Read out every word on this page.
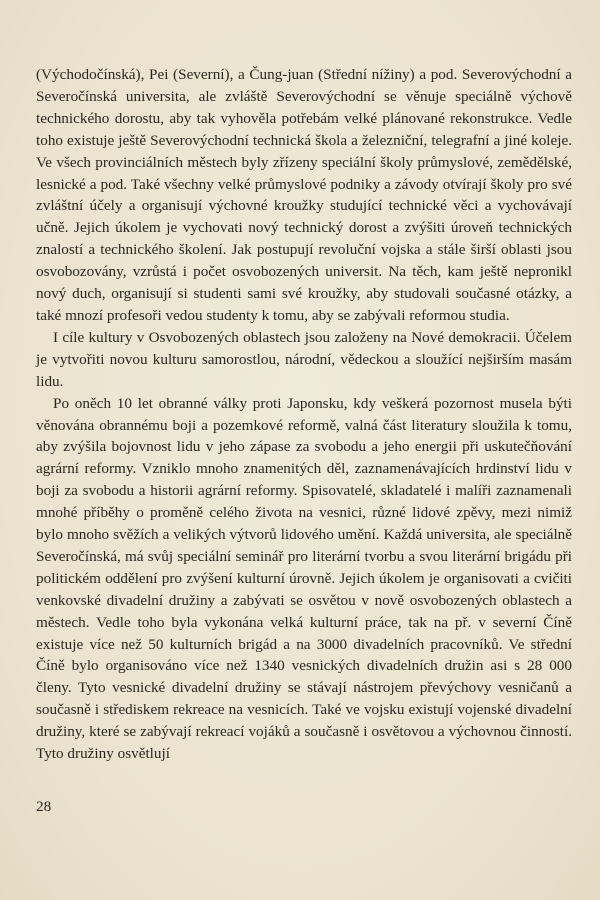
(Východočínská), Pei (Severní), a Čung-juan (Střední nížiny) a pod. Severovýchodní a Severočínská universita, ale zvláště Severovýchodní se věnuje speciálně výchově technického dorostu, aby tak vyhověla potřebám velké plánované rekonstrukce. Vedle toho existuje ještě Severovýchodní technická škola a železniční, telegrafní a jiné koleje. Ve všech provinciálních městech byly zřízeny speciální školy průmyslové, zemědělské, lesnické a pod. Také všechny velké průmyslové podniky a závody otvírají školy pro své zvláštní účely a organisují výchovné kroužky studující technické věci a vychovávají učně. Jejich úkolem je vychovati nový technický dorost a zvýšiti úroveň technických znalostí a technického školení. Jak postupují revoluční vojska a stále širší oblasti jsou osvobozovány, vzrůstá i počet osvobozených universit. Na těch, kam ještě nepronikl nový duch, organisují si studenti sami své kroužky, aby studovali současné otázky, a také mnozí profesoři vedou studenty k tomu, aby se zabývali reformou studia.

I cíle kultury v Osvobozených oblastech jsou založeny na Nové demokracii. Účelem je vytvořiti novou kulturu samorostlou, národní, vědeckou a sloužící nejširším masám lidu.

Po oněch 10 let obranné války proti Japonsku, kdy veškerá pozornost musela býti věnována obrannému boji a pozemkové reformě, valná část literatury sloužila k tomu, aby zvýšila bojovnost lidu v jeho zápase za svobodu a jeho energii při uskutečňování agrární reformy. Vzniklo mnoho znamenitých děl, zaznamenávajících hrdinství lidu v boji za svobodu a historii agrární reformy. Spisovatelé, skladatelé i malíři zaznamenali mnohé příběhy o proměně celého života na vesnici, různé lidové zpěvy, mezi nimiž bylo mnoho svěžích a velikých výtvorů lidového umění. Každá universita, ale speciálně Severočínská, má svůj speciální seminář pro literární tvorbu a svou literární brigádu při politickém oddělení pro zvýšení kulturní úrovně. Jejich úkolem je organisovati a cvičiti venkovské divadelní družiny a zabývati se osvětou v nově osvobozených oblastech a městech. Vedle toho byla vykonána velká kulturní práce, tak na př. v severní Číně existuje více než 50 kulturních brigád a na 3000 divadelních pracovníků. Ve střední Číně bylo organisováno více než 1340 vesnických divadelních družin asi s 28 000 členy. Tyto vesnické divadelní družiny se stávají nástrojem převýchovy vesničanů a současně i střediskem rekreace na vesnicích. Také ve vojsku existují vojenské divadelní družiny, které se zabývají rekreací vojáků a současně i osvětovou a výchovnou činností. Tyto družiny osvětlují

28
